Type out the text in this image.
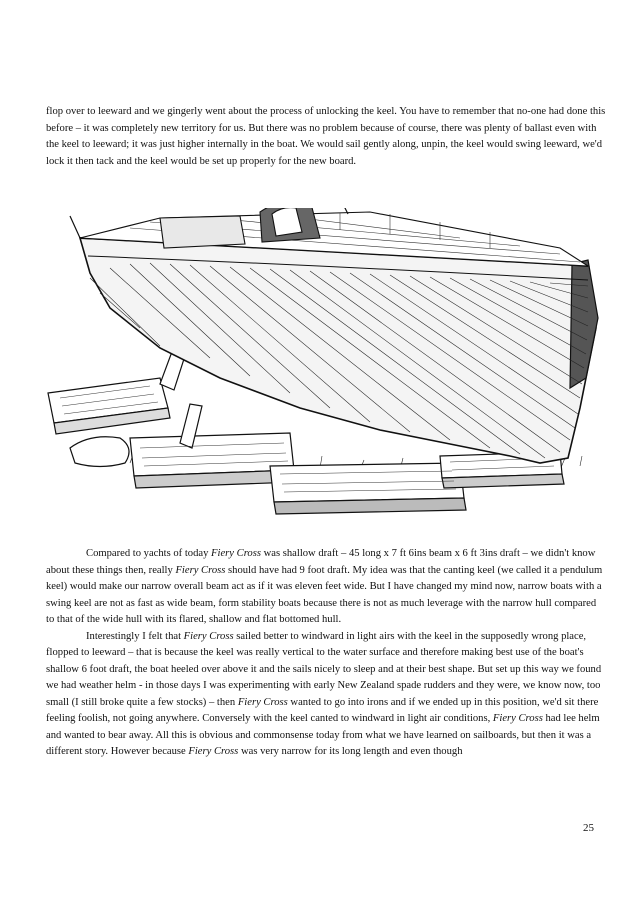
flop over to leeward and we gingerly went about the process of unlocking the keel. You have to remember that no-one had done this before – it was completely new territory for us. But there was no problem because of course, there was plenty of ballast even with the keel to leeward; it was just higher internally in the boat. We would sail gently along, unpin, the keel would swing leeward, we'd lock it then tack and the keel would be set up properly for the new board.

Compared to yachts of today Fiery Cross was shallow draft – 45 long x 7 ft 6ins beam x 6 ft 3ins draft – we didn't know about these things then, really Fiery Cross should have had 9 foot draft. My idea was that the canting keel (we called it a pendulum keel) would make our narrow overall beam act as if it was eleven feet wide. But I have changed my mind now, narrow boats with a swing keel are not as fast as wide beam, form stability boats because there is not as much leverage with the narrow hull compared to that of the wide hull with its flared, shallow and flat bottomed hull.

Interestingly I felt that Fiery Cross sailed better to windward in light airs with the keel in the supposedly wrong place, flopped to leeward – that is because the keel was really vertical to the water surface and therefore making best use of the boat's shallow 6 foot draft, the boat heeled over above it and the sails nicely to sleep and at their best shape. But set up this way we found we had weather helm - in those days I was experimenting with early New Zealand spade rudders and they were, we know now, too small (I still broke quite a few stocks) – then Fiery Cross wanted to go into irons and if we ended up in this position, we'd sit there feeling foolish, not going anywhere. Conversely with the keel canted to windward in light air conditions, Fiery Cross had lee helm and wanted to bear away. All this is obvious and commonsense today from what we have learned on sailboards, but then it was a different story. However because Fiery Cross was very narrow for its long length and even though

25
